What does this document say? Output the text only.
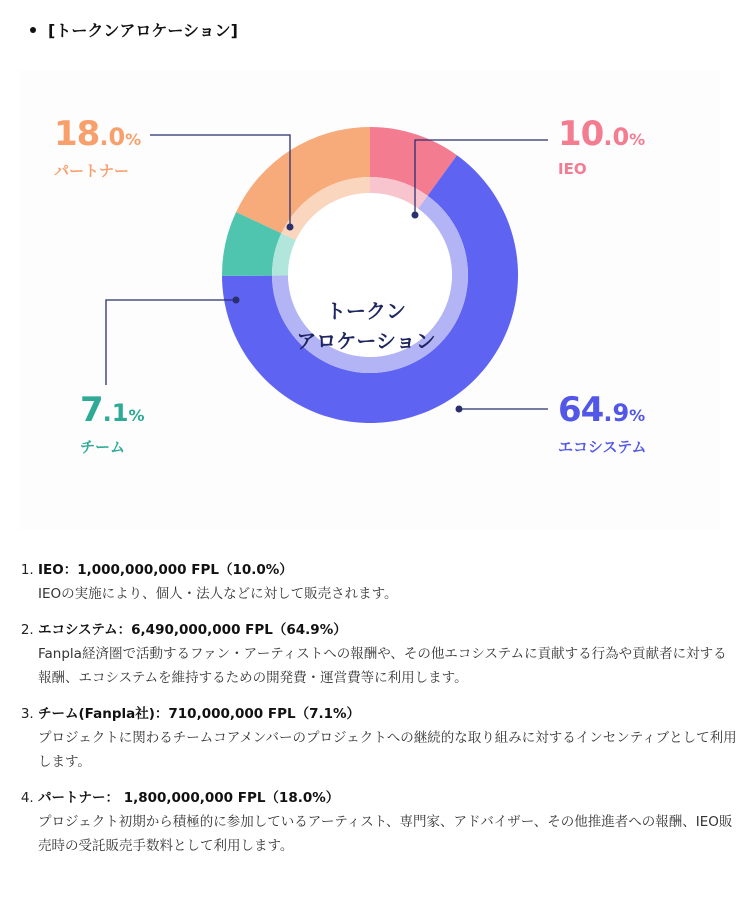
[トークンアロケーション]
18.0%
パートナー
10.0%
IEO
7.1%
チーム
64.9%
エコシステム
トークン
アロケーション
1. IEO：1,000,000,000 FPL（10.0%）
IEOの実施により、個人・法人などに対して販売されます。
2. エコシステム：6,490,000,000 FPL（64.9%）
Fanpla経済圏で活動するファン・アーティストへの報酬や、その他エコシステムに貢献する行為や貢献者に対する報酬、エコシステムを維持するための開発費・運営費等に利用します。
3. チーム(Fanpla社)：710,000,000 FPL（7.1%）
プロジェクトに関わるチームコアメンバーのプロジェクトへの継続的な取り組みに対するインセンティブとして利用します。
4. パートナー： 1,800,000,000 FPL（18.0%）
プロジェクト初期から積極的に参加しているアーティスト、専門家、アドバイザー、その他推進者への報酬、IEO販売時の受託販売手数料として利用します。
